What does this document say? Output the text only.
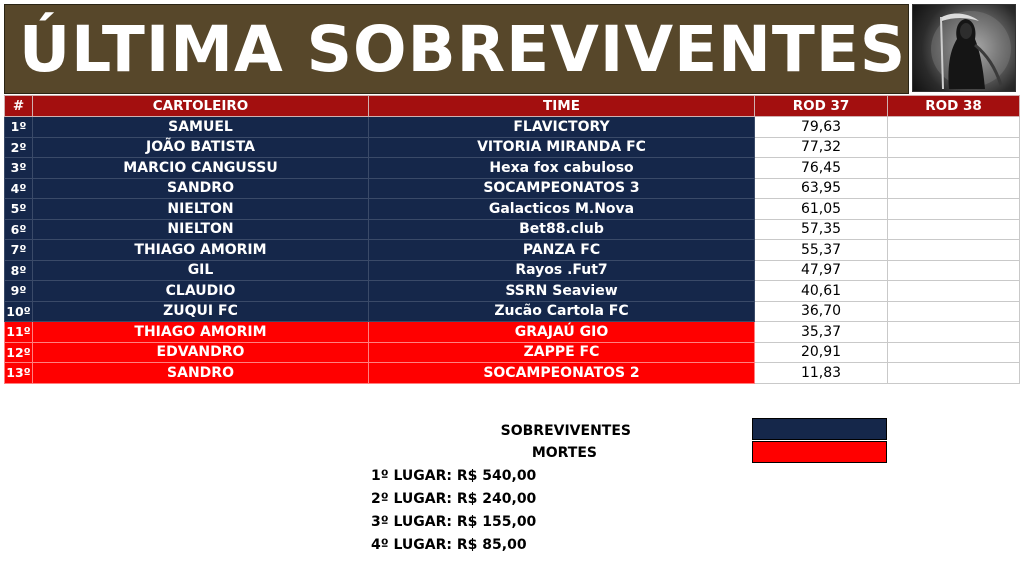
ÚLTIMA SOBREVIVENTES
#	CARTOLEIRO	TIME	ROD 37	ROD 38
1º	SAMUEL	FLAVICTORY	79,63	
2º	JOÃO BATISTA	VITORIA MIRANDA FC	77,32	
3º	MARCIO CANGUSSU	Hexa fox cabuloso	76,45	
4º	SANDRO	SOCAMPEONATOS 3	63,95	
5º	NIELTON	Galacticos M.Nova	61,05	
6º	NIELTON	Bet88.club	57,35	
7º	THIAGO AMORIM	PANZA FC	55,37	
8º	GIL	Rayos .Fut7	47,97	
9º	CLAUDIO	SSRN Seaview	40,61	
10º	ZUQUI FC	Zucão Cartola FC	36,70	
11º	THIAGO AMORIM	GRAJAÚ GIO	35,37	
12º	EDVANDRO	ZAPPE FC	20,91	
13º	SANDRO	SOCAMPEONATOS 2	11,83	
SOBREVIVENTES
MORTES
1º LUGAR: R$ 540,00
2º LUGAR: R$ 240,00
3º LUGAR: R$ 155,00
4º LUGAR: R$ 85,00
